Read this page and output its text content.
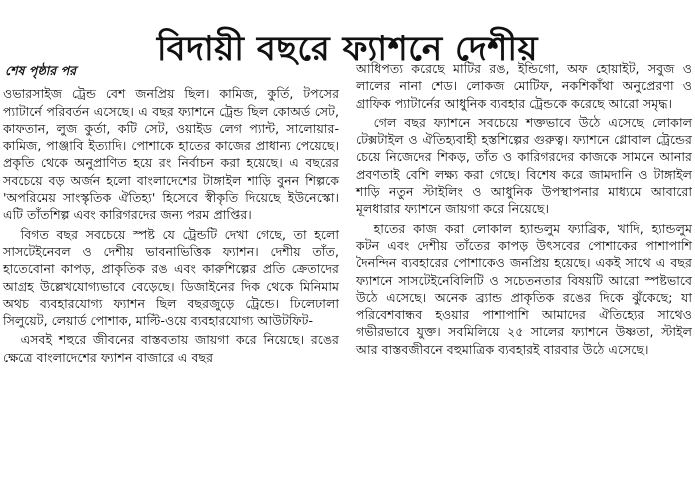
বিদায়ী বছরে ফ্যাশনে দেশীয়
শেষ পৃষ্ঠার পর

ওভারসাইজ ট্রেন্ড বেশ জনপ্রিয় ছিল। কামিজ, কুর্তি, টপসের প্যাটার্নে পরিবর্তন এসেছে। এ বছর ফ্যাশনে ট্রেন্ড ছিল কোঅর্ড সেট, কাফতান, লুজ কুর্তা, কটি সেট, ওয়াইড লেগ প্যান্ট, সালোয়ার-কামিজ, পাঞ্জাবি ইত্যাদি। পোশাকে হাতের কাজের প্রাধান্য পেয়েছে। প্রকৃতি থেকে অনুপ্রাণিত হয়ে রং নির্বাচন করা হয়েছে। এ বছরের সবচেয়ে বড় অর্জন হলো বাংলাদেশের টাঙ্গাইল শাড়ি বুনন শিল্পকে 'অপরিমেয় সাংস্কৃতিক ঐতিহ্য' হিসেবে স্বীকৃতি দিয়েছে ইউনেস্কো। এটি তাঁতশিল্প এবং কারিগরদের জন্য পরম প্রাপ্তির।

বিগত বছর সবচেয়ে স্পষ্ট যে ট্রেন্ডটি দেখা গেছে, তা হলো সাসটেইনেবল ও দেশীয় ভাবনাভিত্তিক ফ্যাশন। দেশীয় তাঁত, হাতেবোনা কাপড়, প্রাকৃতিক রঙ এবং কারুশিল্পের প্রতি ক্রেতাদের আগ্রহ উল্লেখযোগ্যভাবে বেড়েছে। ডিজাইনের দিক থেকে মিনিমাম অথচ ব্যবহারযোগ্য ফ্যাশন ছিল বছরজুড়ে ট্রেন্ডে। ঢিলেঢালা সিলুয়েট, লেয়ার্ড পোশাক, মাল্টি-ওয়ে ব্যবহারযোগ্য আউটফিট-

এসবই শহুরে জীবনের বাস্তবতায় জায়গা করে নিয়েছে। রঙের ক্ষেত্রে বাংলাদেশের ফ্যাশন বাজারে এ বছর

আধিপত্য করেছে মাটির রঙ, ইন্ডিগো, অফ হোয়াইট, সবুজ ও লালের নানা শেড। লোকজ মোটিফ, নকশিকাঁথা অনুপ্রেরণা ও গ্রাফিক প্যাটার্নের আধুনিক ব্যবহার ট্রেন্ডকে করেছে আরো সমৃদ্ধ।

গেল বছর ফ্যাশনে সবচেয়ে শক্তভাবে উঠে এসেছে লোকাল টেক্সটাইল ও ঐতিহ্যবাহী হস্তশিল্পের গুরুত্ব। ফ্যাশনে গ্লোবাল ট্রেন্ডের চেয়ে নিজেদের শিকড়, তাঁত ও কারিগরদের কাজকে সামনে আনার প্রবণতাই বেশি লক্ষ্য করা গেছে। বিশেষ করে জামদানি ও টাঙ্গাইল শাড়ি নতুন স্টাইলিং ও আধুনিক উপস্থাপনার মাধ্যমে আবারো মূলধারার ফ্যাশনে জায়গা করে নিয়েছে।

হাতের কাজ করা লোকাল হ্যান্ডলুম ফ্যাব্রিক, খাদি, হ্যান্ডলুম কটন এবং দেশীয় তাঁতের কাপড় উৎসবের পোশাকের পাশাপাশি দৈনন্দিন ব্যবহারের পোশাকেও জনপ্রিয় হয়েছে। একই সাথে এ বছর ফ্যাশনে সাসটেইনেবিলিটি ও সচেতনতার বিষয়টি আরো স্পষ্টভাবে উঠে এসেছে। অনেক ব্র্যান্ড প্রাকৃতিক রঙের দিকে ঝুঁকেছে; যা পরিবেশবান্ধব হওয়ার পাশাপাশি আমাদের ঐতিহ্যের সাথেও গভীরভাবে যুক্ত। সবমিলিয়ে ২৫ সালের ফ্যাশনে উষ্ণতা, স্টাইল আর বাস্তবজীবনে বহুমাত্রিক ব্যবহারই বারবার উঠে এসেছে।
